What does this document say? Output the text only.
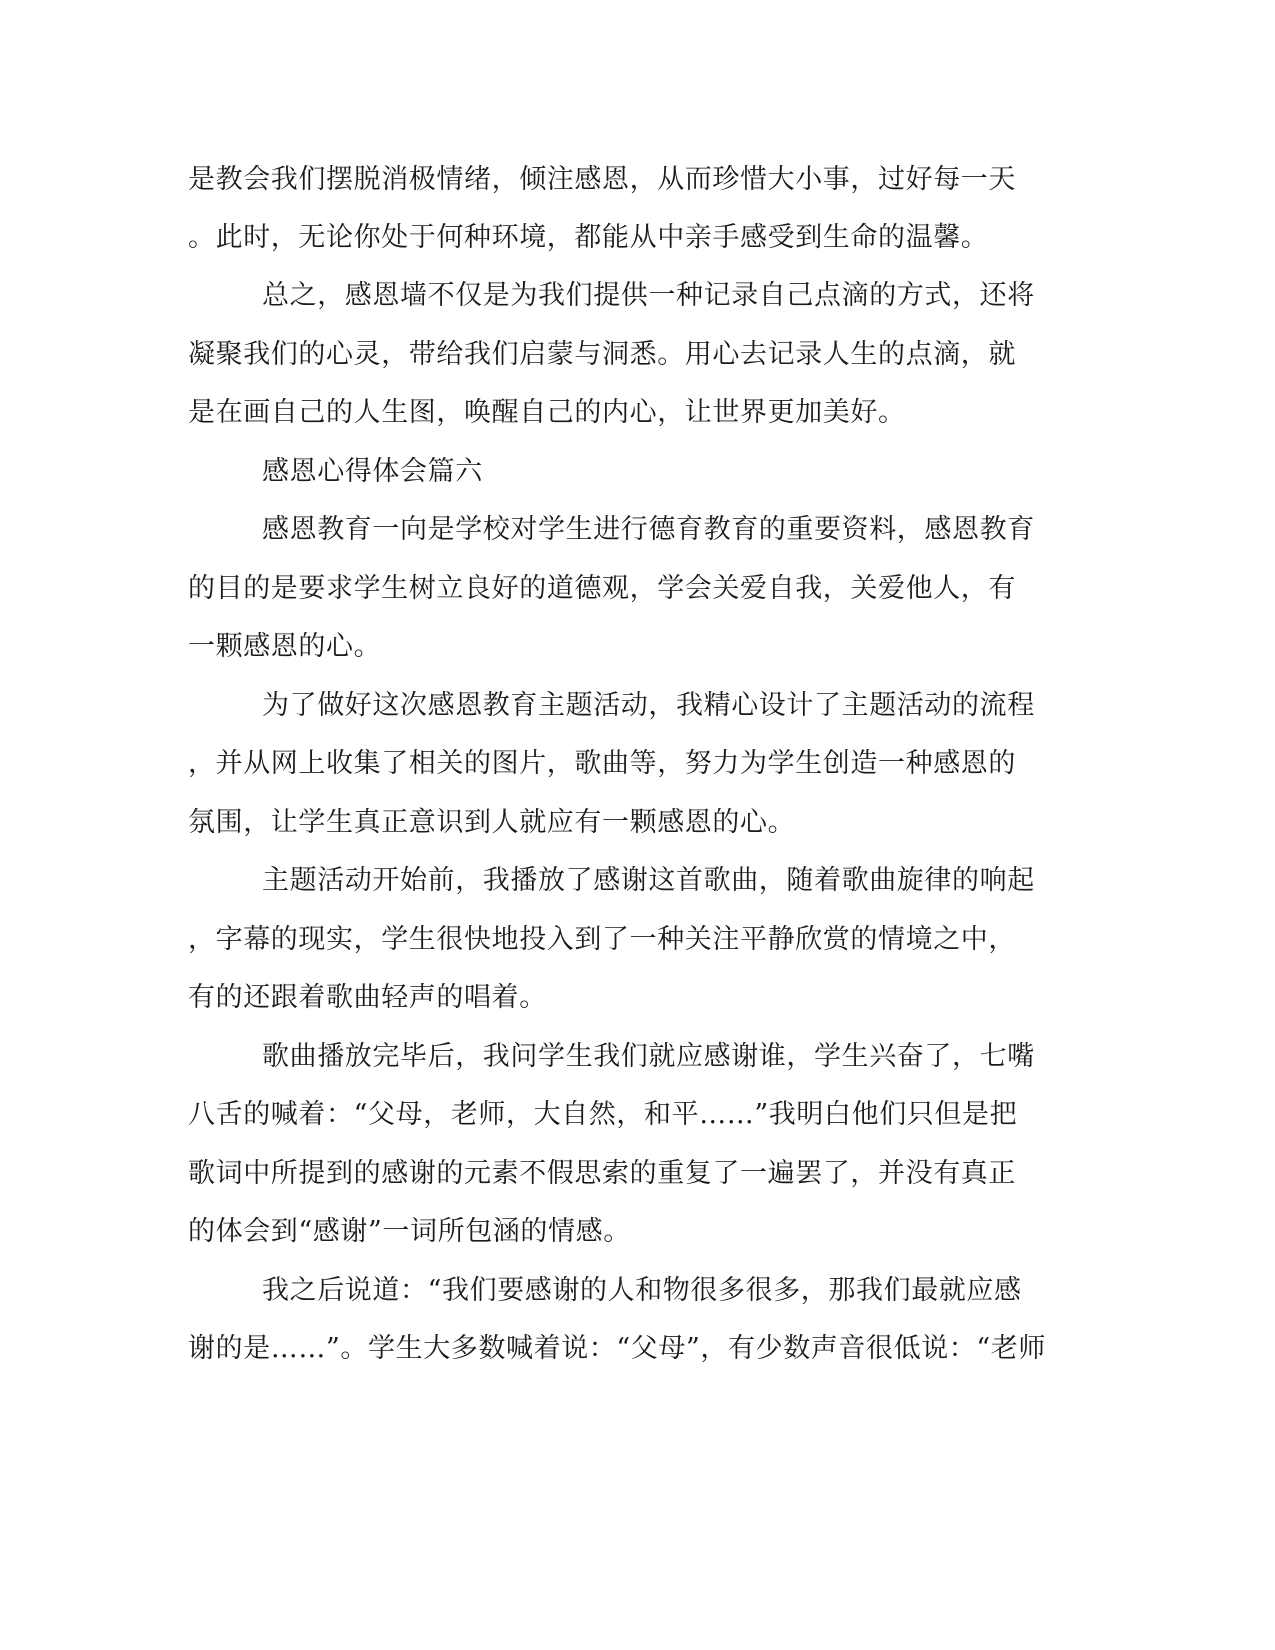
是教会我们摆脱消极情绪，倾注感恩，从而珍惜大小事，过好每一天
。此时，无论你处于何种环境，都能从中亲手感受到生命的温馨。
总之，感恩墙不仅是为我们提供一种记录自己点滴的方式，还将
凝聚我们的心灵，带给我们启蒙与洞悉。用心去记录人生的点滴，就
是在画自己的人生图，唤醒自己的内心，让世界更加美好。
感恩心得体会篇六
感恩教育一向是学校对学生进行德育教育的重要资料，感恩教育
的目的是要求学生树立良好的道德观，学会关爱自我，关爱他人，有
一颗感恩的心。
为了做好这次感恩教育主题活动，我精心设计了主题活动的流程
，并从网上收集了相关的图片，歌曲等，努力为学生创造一种感恩的
氛围，让学生真正意识到人就应有一颗感恩的心。
主题活动开始前，我播放了感谢这首歌曲，随着歌曲旋律的响起
，字幕的现实，学生很快地投入到了一种关注平静欣赏的情境之中，
有的还跟着歌曲轻声的唱着。
歌曲播放完毕后，我问学生我们就应感谢谁，学生兴奋了，七嘴
八舌的喊着：“父母，老师，大自然，和平……”我明白他们只但是把
歌词中所提到的感谢的元素不假思索的重复了一遍罢了，并没有真正
的体会到“感谢”一词所包涵的情感。
我之后说道：“我们要感谢的人和物很多很多，那我们最就应感
谢的是……”。学生大多数喊着说：“父母”，有少数声音很低说：“老师
